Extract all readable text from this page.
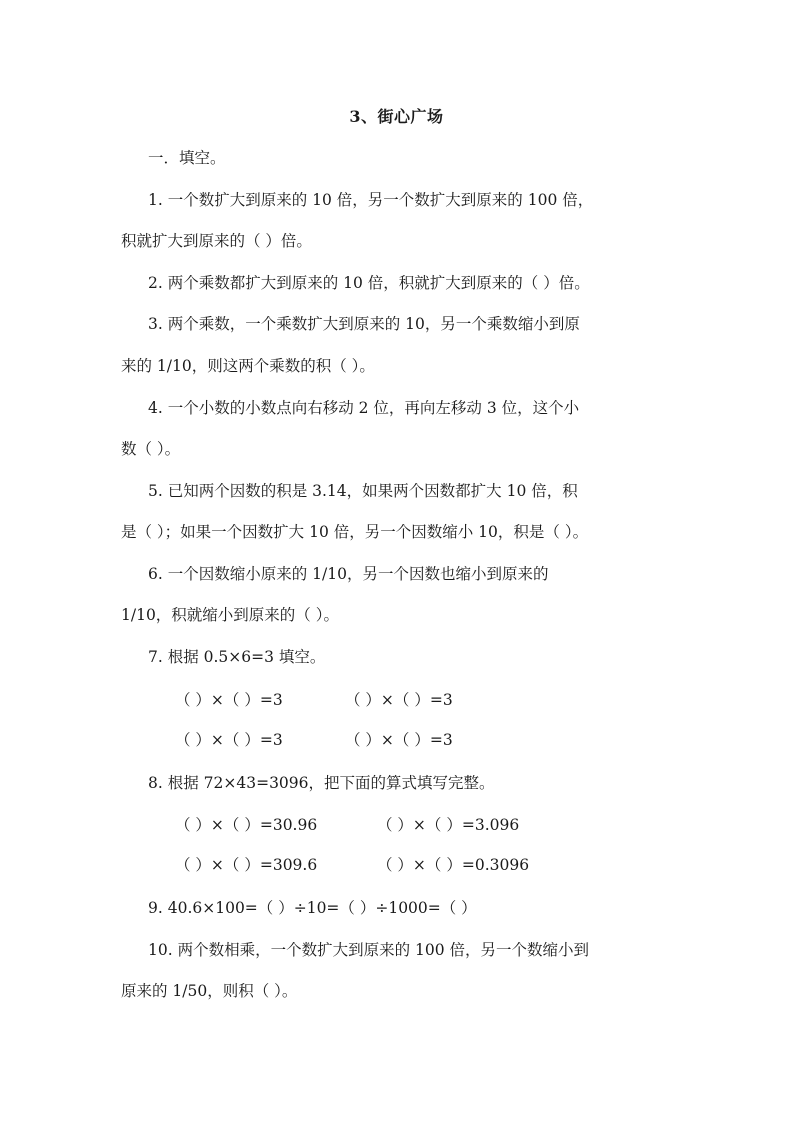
3、街心广场
一．填空。
1. 一个数扩大到原来的 10 倍，另一个数扩大到原来的 100 倍，
积就扩大到原来的（ ）倍。
2. 两个乘数都扩大到原来的 10 倍，积就扩大到原来的（ ）倍。
3. 两个乘数，一个乘数扩大到原来的 10，另一个乘数缩小到原
来的 1/10，则这两个乘数的积（ ）。
4. 一个小数的小数点向右移动 2 位，再向左移动 3 位，这个小
数（ ）。
5. 已知两个因数的积是 3.14，如果两个因数都扩大 10 倍，积
是（ ）；如果一个因数扩大 10 倍，另一个因数缩小 10，积是（ ）。
6. 一个因数缩小原来的 1/10，另一个因数也缩小到原来的
1/10，积就缩小到原来的（ ）。
7. 根据 0.5×6=3 填空。
（ ）×（ ）=3	（ ）×（ ）=3
（ ）×（ ）=3	（ ）×（ ）=3
8. 根据 72×43=3096，把下面的算式填写完整。
（ ）×（ ）=30.96	（ ）×（ ）=3.096
（ ）×（ ）=309.6	（ ）×（ ）=0.3096
9. 40.6×100=（ ）÷10=（ ）÷1000=（ ）
10. 两个数相乘，一个数扩大到原来的 100 倍，另一个数缩小到
原来的 1/50，则积（ ）。
